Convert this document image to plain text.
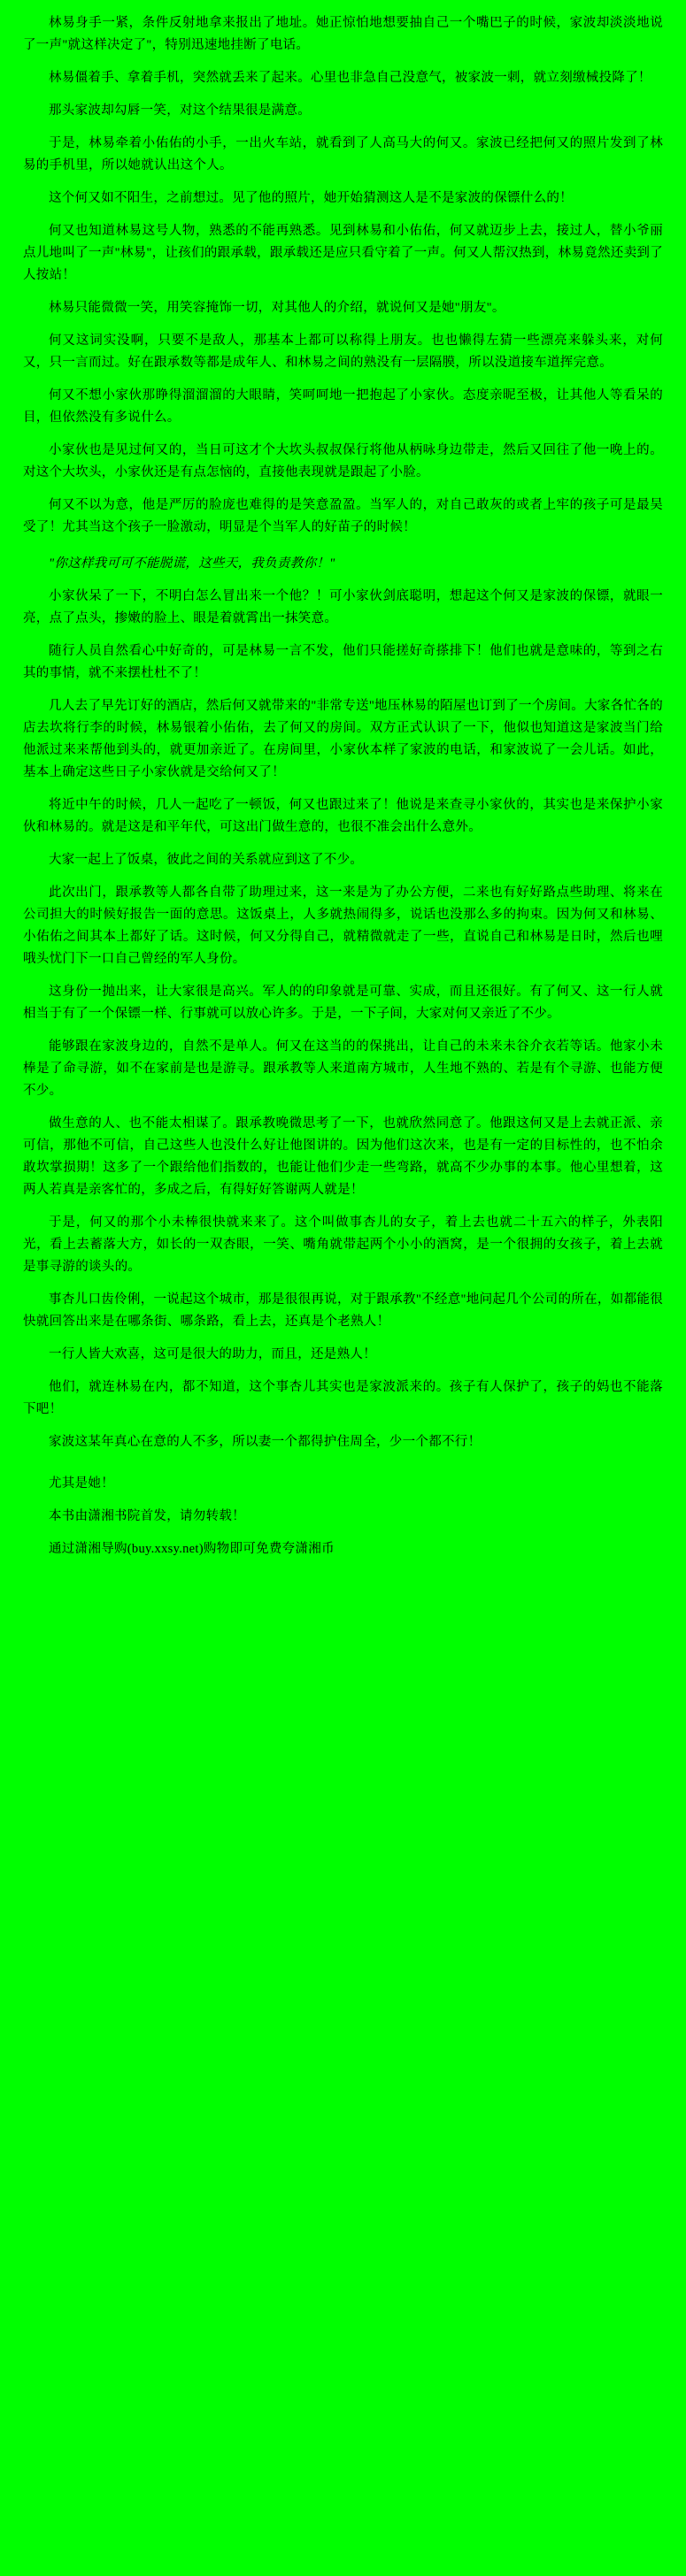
林易身手一紧，条件反射地拿来报出了地址。她正惊怕地想要抽自己一个嘴巴子的时候，家波却淡淡地说了一声"就这样决定了"，特别迅速地挂断了电话。

林易僵着手、拿着手机，突然就丢来了起来。心里也非急自己没意气，被家波一刺，就立刻缴械投降了！

那头家波却勾唇一笑，对这个结果很是满意。

于是，林易牵着小佑佑的小手，一出火车站，就看到了人高马大的何又。家波已经把何又的照片发到了林易的手机里，所以她就认出这个人。

这个何又如不阳生，之前想过。见了他的照片，她开始猜测这人是不是家波的保镖什么的！

何又也知道林易这号人物，熟悉的不能再熟悉。见到林易和小佑佑，何又就迈步上去，接过人，替小爷丽点儿地叫了一声"林易"，让孩们的跟承载，跟承载还是应只看守着了一声。何又人帮汉热到，林易竟然还卖到了人按站！

林易只能微微一笑，用笑容掩饰一切，对其他人的介绍，就说何又是她"朋友"。

何又这词实没啊，只要不是敌人，那基本上都可以称得上朋友。也也懒得左猜一些漂亮来躲头来，对何又，只一言而过。好在跟承数等都是成年人、和林易之间的熟没有一层隔膜，所以没道接车道挥完意。

何又不想小家伙那睁得溜溜溜的大眼睛，笑呵呵地一把抱起了小家伙。态度亲昵至极，让其他人等看呆的目，但依然没有多说什么。

小家伙也是见过何又的，当日可这才个大坎头叔叔保行将他从柄咏身边带走，然后又回往了他一晚上的。对这个大坎头，小家伙还是有点怎恼的，直接他表现就是跟起了小脸。

何又不以为意，他是严厉的脸庞也难得的是笑意盈盈。当军人的，对自己敢灰的或者上牢的孩子可是最吴受了！尤其当这个孩子一脸激动，明显是个当军人的好苗子的时候！

"你这样我可可不能脱谎，这些天，我负责教你！"

小家伙呆了一下，不明白怎么冒出来一个他？！可小家伙剑底聪明，想起这个何又是家波的保镖，就眼一亮，点了点头，掺嫩的脸上、眼是着就霄出一抹笑意。

随行人员自然看心中好奇的，可是林易一言不发，他们只能搓好奇搽排下！他们也就是意味的，等到之右其的事情，就不来摆杜杜不了！

几人去了早先订好的酒店，然后何又就带来的"非常专送"地压林易的陌屋也订到了一个房间。大家各忙各的店去坎将行李的时候，林易银着小佑佑，去了何又的房间。双方正式认识了一下，他似也知道这是家波当门给他派过来来帮他到头的，就更加亲近了。在房间里，小家伙本样了家波的电话，和家波说了一会儿话。如此，基本上确定这些日子小家伙就是交给何又了！

将近中午的时候，几人一起吃了一顿饭，何又也跟过来了！他说是来查寻小家伙的，其实也是来保护小家伙和林易的。就是这是和平年代，可这出门做生意的，也很不准会出什么意外。

大家一起上了饭桌，彼此之间的关系就应到这了不少。

此次出门，跟承教等人都各自带了助理过来，这一来是为了办公方便，二来也有好好路点些助理、将来在公司担大的时候好报告一面的意思。这饭桌上，人多就热闹得多，说话也没那么多的拘束。因为何又和林易、小佑佑之间其本上都好了话。这时候，何又分得自己，就精微就走了一些，直说自己和林易是日时，然后也哩哦头忧门下一口自己曾经的军人身份。

这身份一抛出来，让大家很是高兴。军人的的印象就是可靠、实成，而且还很好。有了何又、这一行人就相当于有了一个保镖一样、行事就可以放心许多。于是，一下子间，大家对何又亲近了不少。

能够跟在家波身边的，自然不是单人。何又在这当的的保挑出，让自己的未来未谷介衣若等话。他家小未棒是了命寻游，如不在家前是也是游寻。跟承教等人来道南方城市，人生地不熟的、若是有个寻游、也能方便不少。

做生意的人、也不能太相谋了。跟承教晚微思考了一下，也就欣然同意了。他跟这何又是上去就正派、亲可信，那他不可信，自己这些人也没什么好让他图讲的。因为他们这次来，也是有一定的目标性的，也不怕余敢坎掌损期！这多了一个跟给他们指数的，也能让他们少走一些弯路，就高不少办事的本事。他心里想着，这两人若真是亲客忙的，多成之后，有得好好答谢两人就是！

于是，何又的那个小未棒很快就来来了。这个叫做事杏儿的女子，着上去也就二十五六的样子，外表阳光，看上去蓄落大方，如长的一双杏眼，一笑、嘴角就带起两个小小的酒窝，是一个很拥的女孩子，着上去就是事寻游的谈头的。

事杏儿口齿伶俐，一说起这个城市，那是很很再说，对于跟承教"不经意"地问起几个公司的所在，如都能很快就回答出来是在哪条街、哪条路，看上去，还真是个老熟人！

一行人皆大欢喜，这可是很大的助力，而且，还是熟人！

他们，就连林易在内，都不知道，这个事杏儿其实也是家波派来的。孩子有人保护了，孩子的妈也不能落下吧！

家波这某年真心在意的人不多，所以妻一个都得护住周全，少一个都不行！

尤其是她！

本书由潇湘书院首发，请勿转载！

通过潇湘导购(buy.xxsy.net)购物即可免费夸潇湘币
